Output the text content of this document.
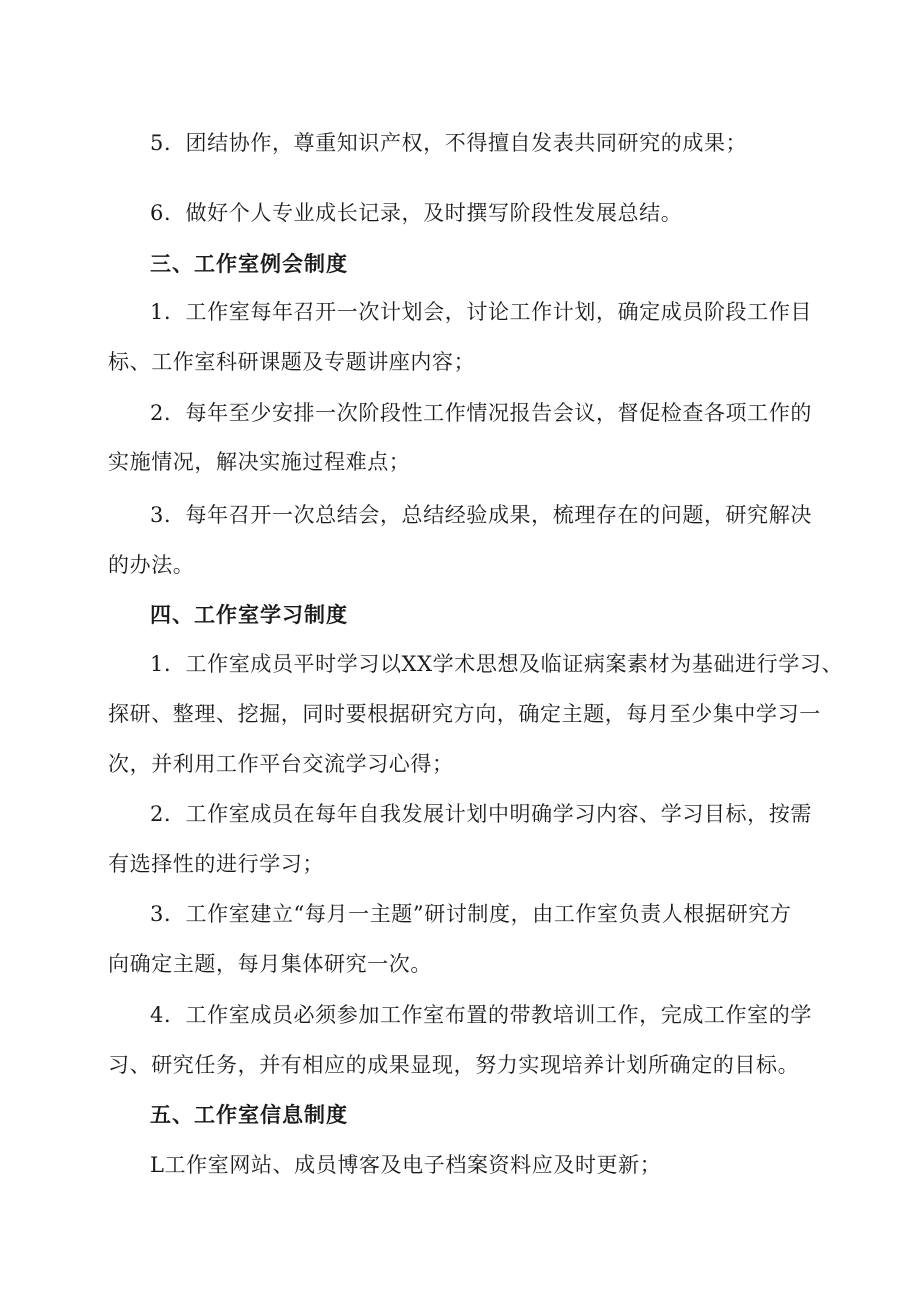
5．团结协作，尊重知识产权，不得擅自发表共同研究的成果；
6．做好个人专业成长记录，及时撰写阶段性发展总结。
三、工作室例会制度
1．工作室每年召开一次计划会，讨论工作计划，确定成员阶段工作目
标、工作室科研课题及专题讲座内容；
2．每年至少安排一次阶段性工作情况报告会议，督促检查各项工作的
实施情况，解决实施过程难点；
3．每年召开一次总结会，总结经验成果，梳理存在的问题，研究解决
的办法。
四、工作室学习制度
1．工作室成员平时学习以XX学术思想及临证病案素材为基础进行学习、
探研、整理、挖掘，同时要根据研究方向，确定主题，每月至少集中学习一
次，并利用工作平台交流学习心得；
2．工作室成员在每年自我发展计划中明确学习内容、学习目标，按需
有选择性的进行学习；
3．工作室建立“每月一主题”研讨制度，由工作室负责人根据研究方
向确定主题，每月集体研究一次。
4．工作室成员必须参加工作室布置的带教培训工作，完成工作室的学
习、研究任务，并有相应的成果显现，努力实现培养计划所确定的目标。
五、工作室信息制度
L工作室网站、成员博客及电子档案资料应及时更新；
